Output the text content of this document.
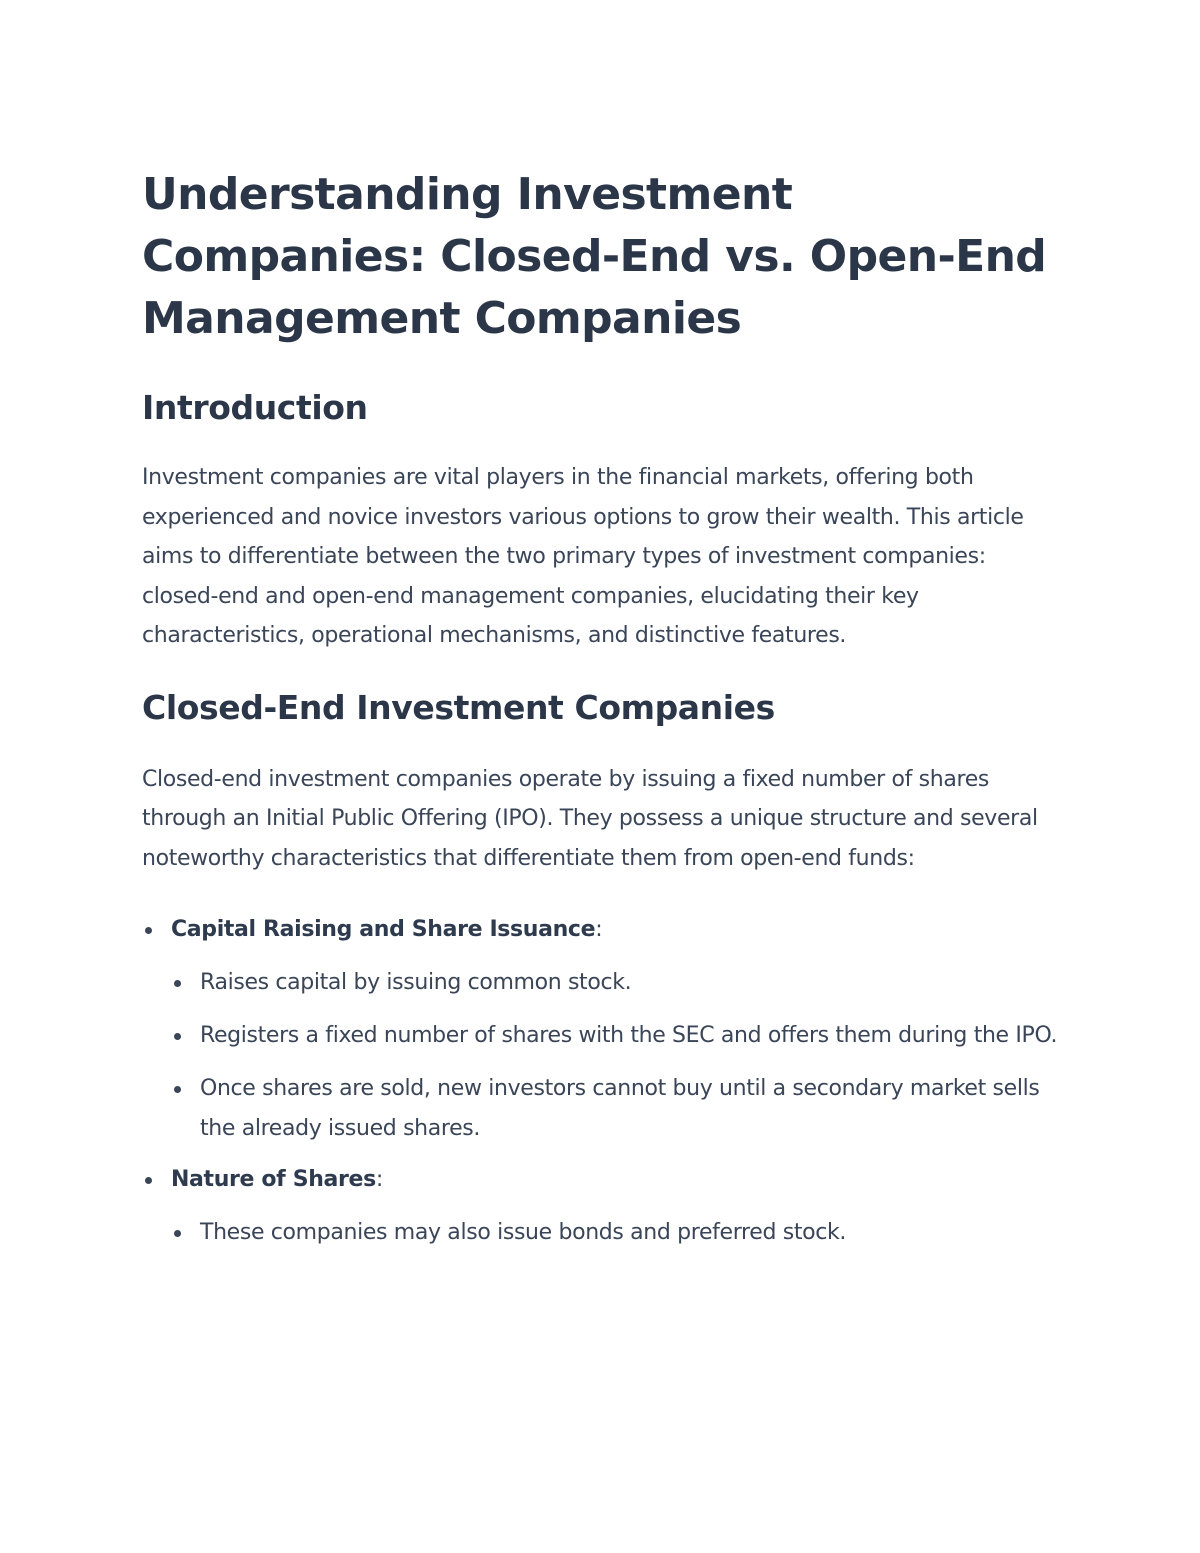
Understanding Investment Companies: Closed-End vs. Open-End Management Companies
Introduction

Investment companies are vital players in the financial markets, offering both experienced and novice investors various options to grow their wealth. This article aims to differentiate between the two primary types of investment companies: closed-end and open-end management companies, elucidating their key characteristics, operational mechanisms, and distinctive features.

Closed-End Investment Companies

Closed-end investment companies operate by issuing a fixed number of shares through an Initial Public Offering (IPO). They possess a unique structure and several noteworthy characteristics that differentiate them from open-end funds:

Capital Raising and Share Issuance:
Raises capital by issuing common stock.
Registers a fixed number of shares with the SEC and offers them during the IPO.
Once shares are sold, new investors cannot buy until a secondary market sells the already issued shares.
Nature of Shares:
These companies may also issue bonds and preferred stock.
